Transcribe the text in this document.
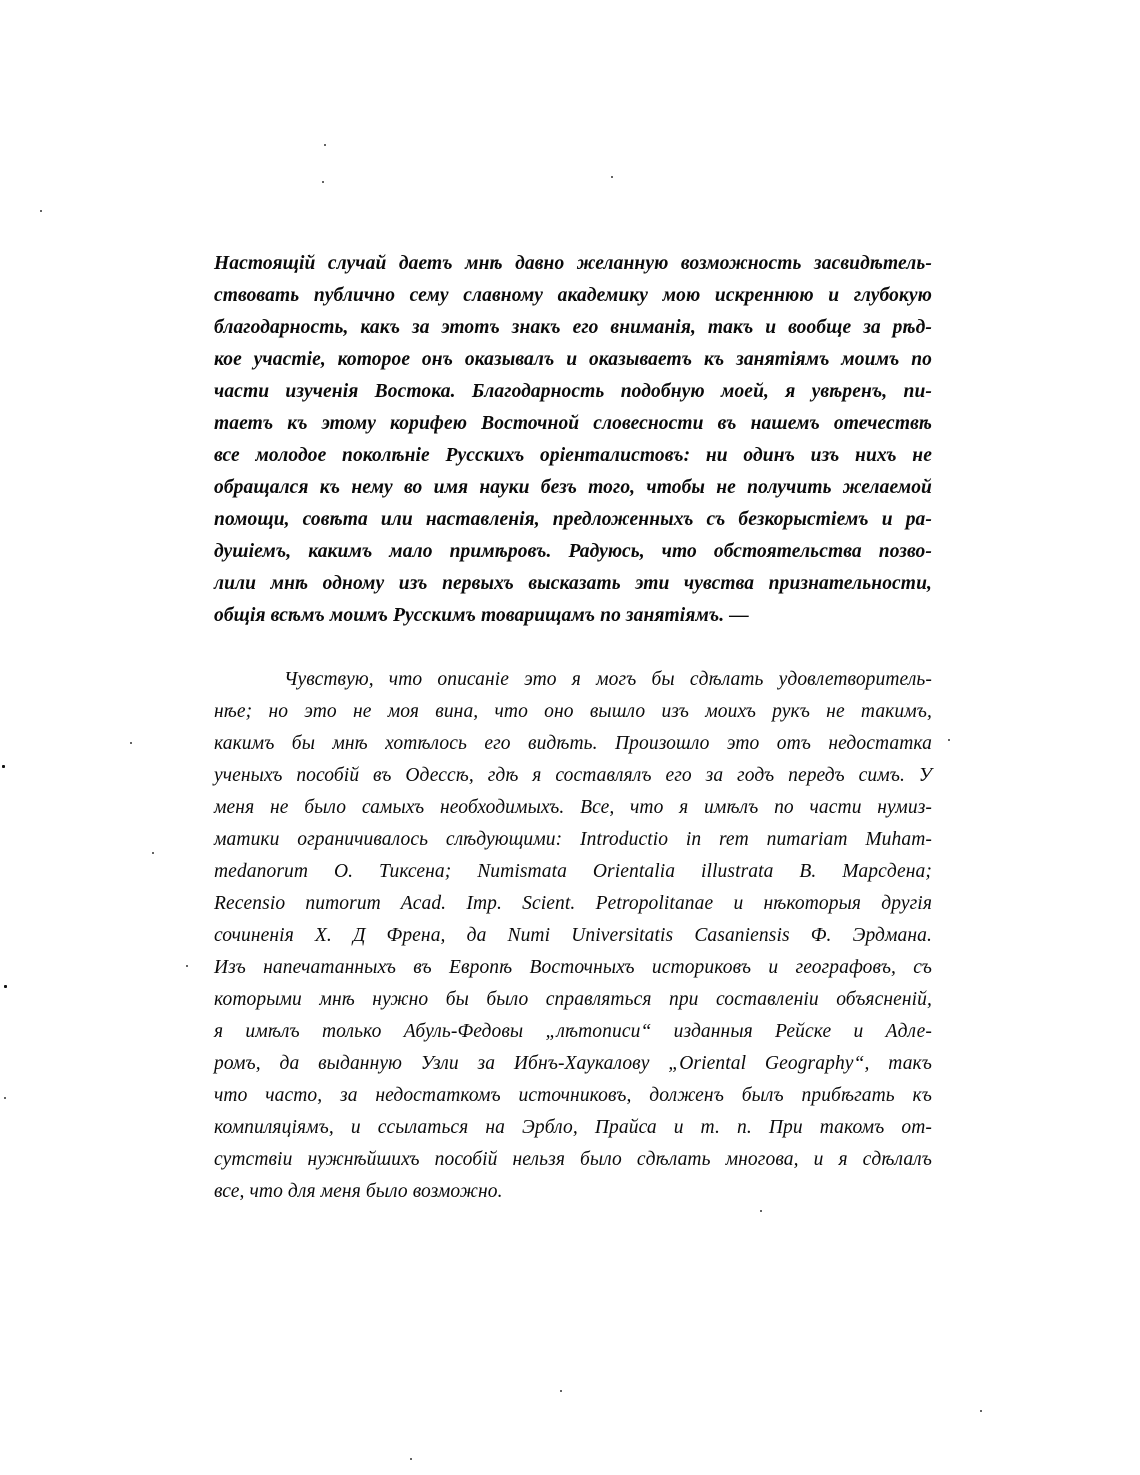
Настоящій случай даетъ мнѣ давно желанную возможность засвидѣтель-
ствовать публично сему славному академику мою искреннюю и глубокую
благодарность, какъ за этотъ знакъ его вниманія, такъ и вообще за рѣд-
кое участіе, которое онъ оказывалъ и оказываетъ къ занятіямъ моимъ по
части изученія Востока. Благодарность подобную моей, я увѣренъ, пи-
таетъ къ этому корифею Восточной словесности въ нашемъ отечествѣ
все молодое поколѣніе Русскихъ оріенталистовъ: ни одинъ изъ нихъ не
обращался къ нему во имя науки безъ того, чтобы не получить желаемой
помощи, совѣта или наставленія, предложенныхъ съ безкорыстіемъ и ра-
душіемъ, какимъ мало примѣровъ. Радуюсь, что обстоятельства позво-
лили мнѣ одному изъ первыхъ высказать эти чувства признательности,
общія всѣмъ моимъ Русскимъ товарищамъ по занятіямъ. —
Чувствую, что описаніе это я могъ бы сдѣлать удовлетворитель-
нѣе; но это не моя вина, что оно вышло изъ моихъ рукъ не такимъ,
какимъ бы мнѣ хотѣлось его видѣть. Произошло это отъ недостатка
ученыхъ пособій въ Одессѣ, гдѣ я составлялъ его за годъ передъ симъ. У
меня не было самыхъ необходимыхъ. Все, что я имѣлъ по части нумиз-
матики ограничивалось слѣдующими: Introductio in rem numariam Muham-
medanorum О. Тиксена; Numismata Orientalia illustrata В. Марсдена;
Recensio numorum Acad. Imp. Scient. Petropolitanae и нѣкоторыя другія
сочиненія Х. Д Френа, да Numi Universitatis Casaniensis Ф. Эрдмана.
Изъ напечатанныхъ въ Европѣ Восточныхъ историковъ и географовъ, съ
которыми мнѣ нужно бы было справляться при составленіи объясненій,
я имѣлъ только Абуль-Федовы „лѣтописи“ изданныя Рейске и Адле-
ромъ, да выданную Узли за Ибнъ-Хаукалову „Oriental Geography“, такъ
что часто, за недостаткомъ источниковъ, долженъ былъ прибѣгать къ
компиляціямъ, и ссылаться на Эрбло, Прайса и т. п. При такомъ от-
сутствіи нужнѣйшихъ пособій нельзя было сдѣлать многова, и я сдѣлалъ
все, что для меня было возможно.
